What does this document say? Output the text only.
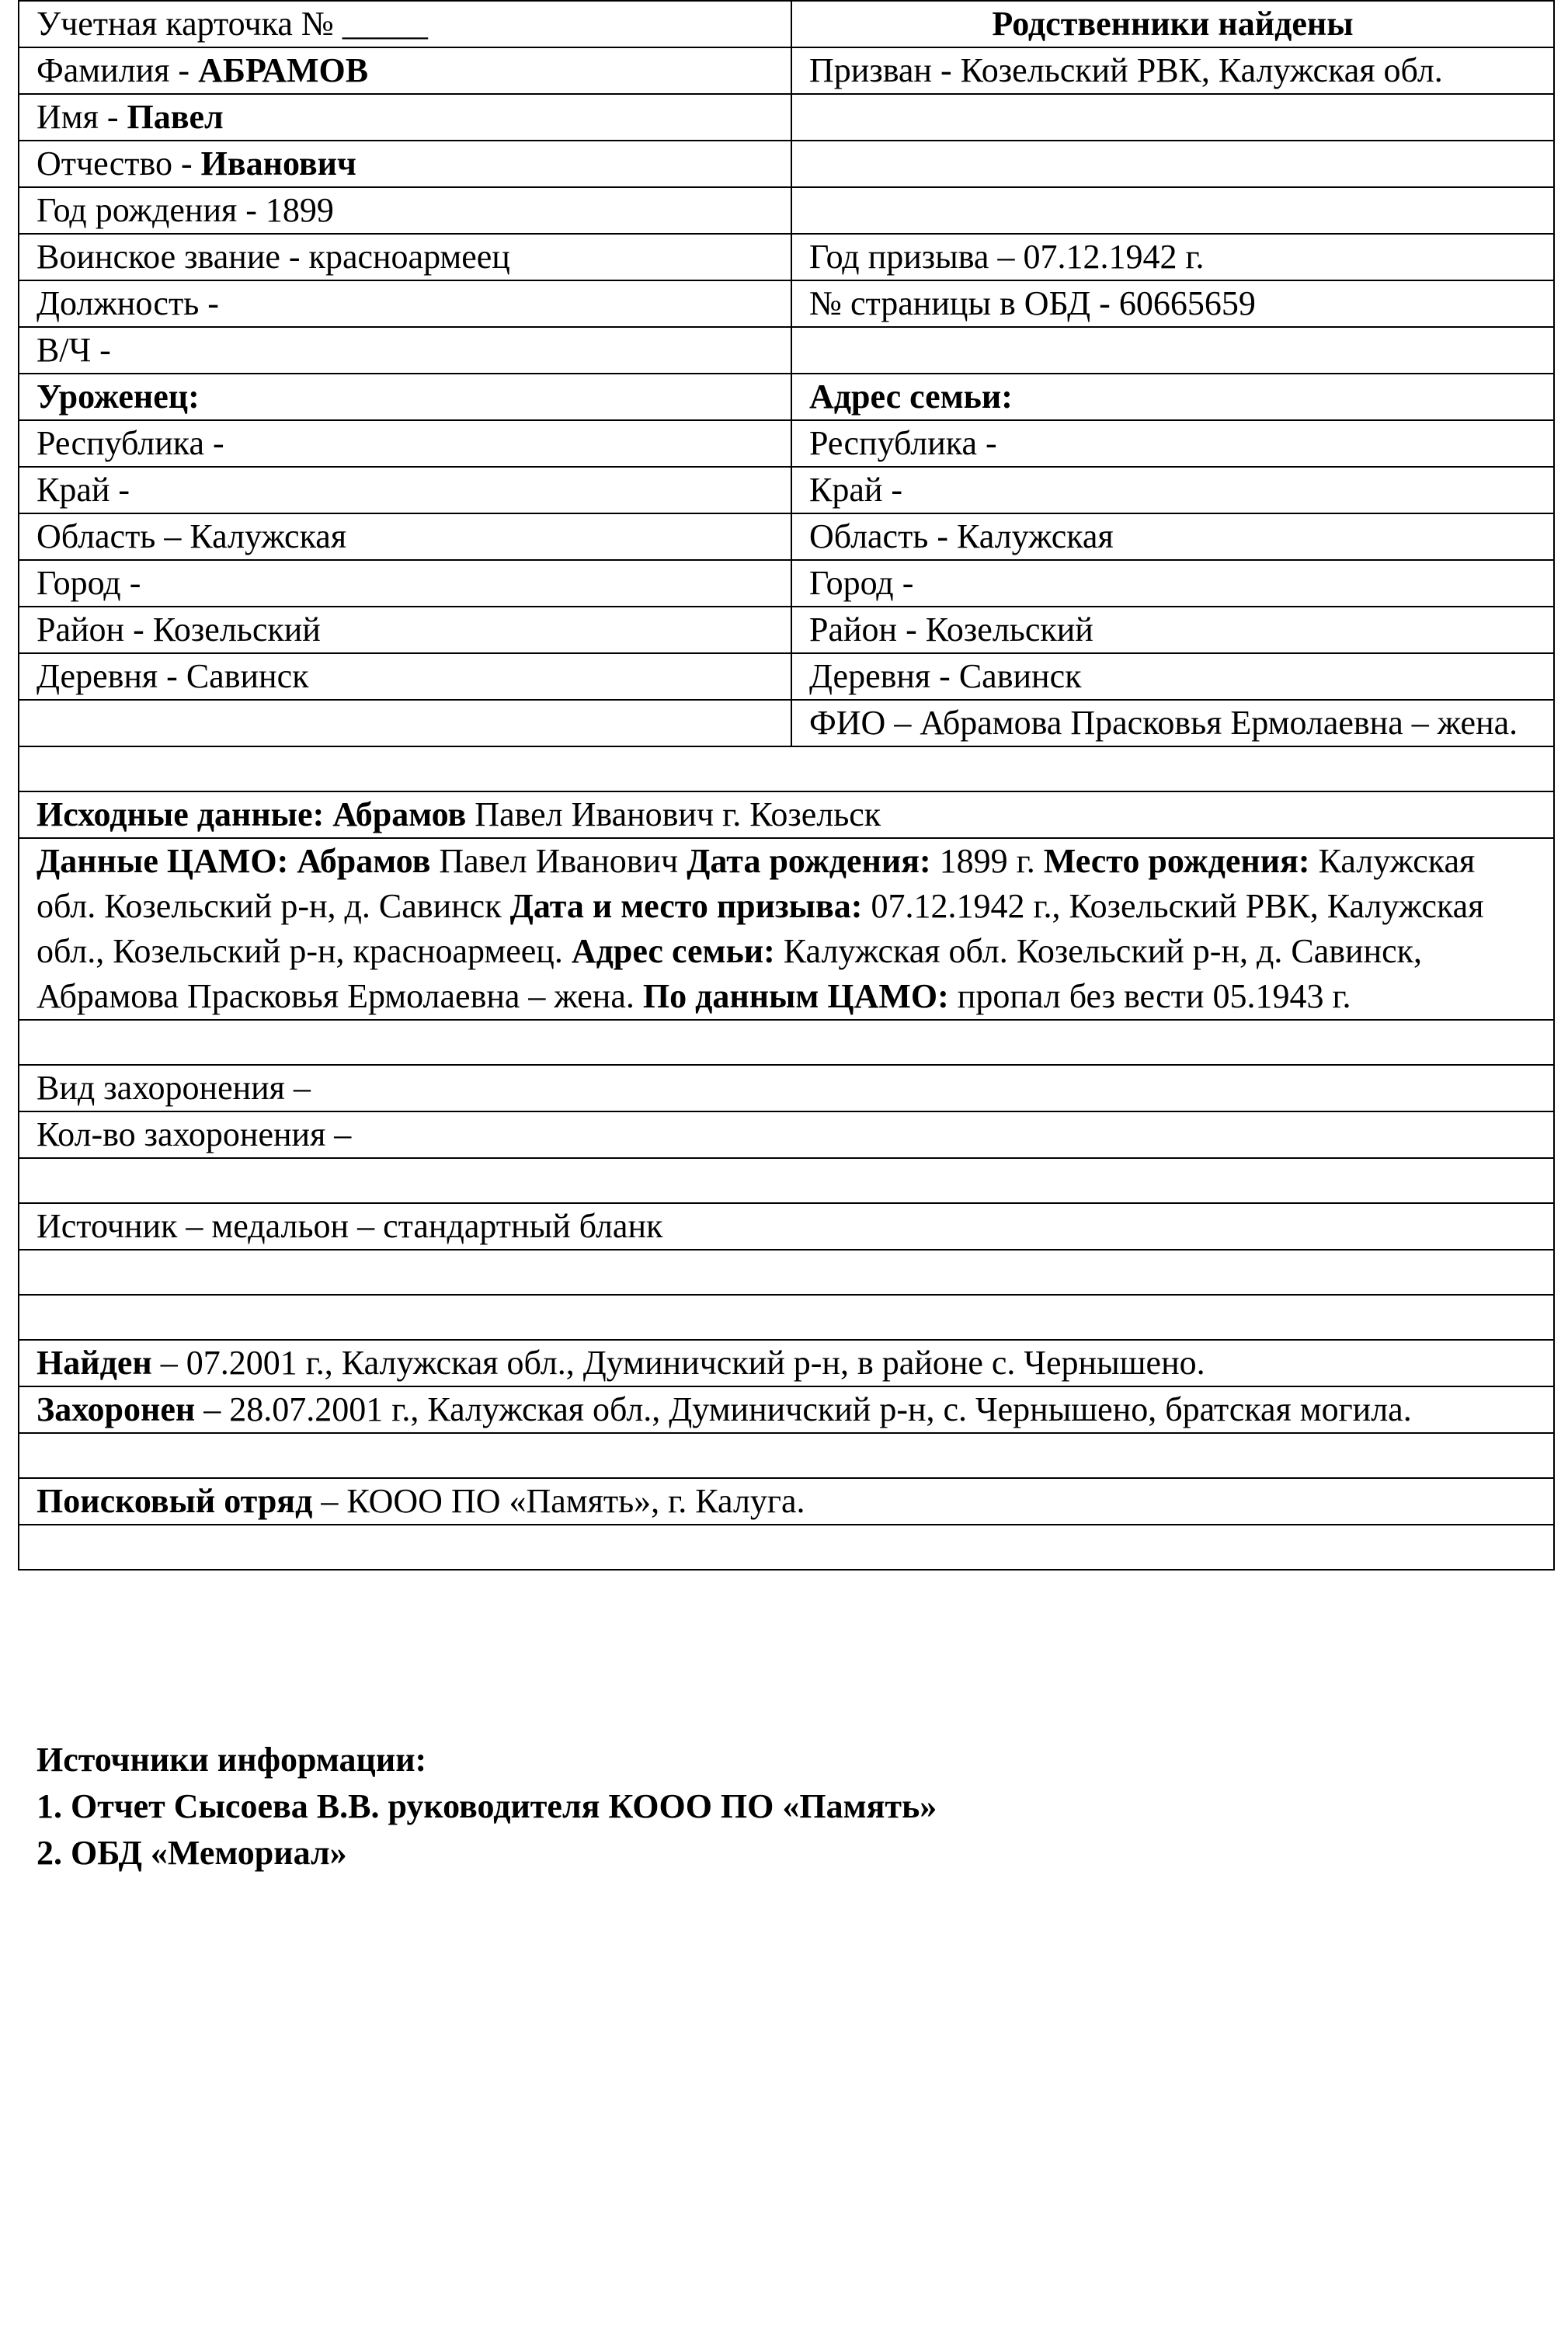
Учетная карточка № _____	Родственники найдены
Фамилия - АБРАМОВ	Призван - Козельский РВК, Калужская обл.
Имя - Павел	
Отчество - Иванович	
Год рождения - 1899	
Воинское звание - красноармеец	Год призыва – 07.12.1942 г.
Должность -	№ страницы в ОБД - 60665659
В/Ч -	
Уроженец:	Адрес семьи:
Республика -	Республика -
Край -	Край -
Область – Калужская	Область - Калужская
Город -	Город -
Район - Козельский	Район - Козельский
Деревня - Савинск	Деревня - Савинск
	ФИО – Абрамова Прасковья Ермолаевна – жена.

Исходные данные: Абрамов Павел Иванович г. Козельск	
Данные ЦАМО: Абрамов Павел Иванович Дата рождения: 1899 г. Место рождения: Калужская обл. Козельский р-н, д. Савинск Дата и место призыва: 07.12.1942 г., Козельский РВК, Калужская обл., Козельский р-н, красноармеец. Адрес семьи: Калужская обл. Козельский р-н, д. Савинск, Абрамова Прасковья Ермолаевна – жена. По данным ЦАМО: пропал без вести 05.1943 г.	

Вид захоронения –	
Кол-во захоронения –	

Источник – медальон – стандартный бланк	

Найден – 07.2001 г., Калужская обл., Думиничский р-н, в районе с. Чернышено.	
Захоронен – 28.07.2001 г., Калужская обл., Думиничский р-н, с. Чернышено, братская могила.	

Поисковый отряд – КООО ПО «Память», г. Калуга.	

Источники информации:
1. Отчет Сысоева В.В. руководителя КООО ПО «Память»
2. ОБД «Мемориал»
